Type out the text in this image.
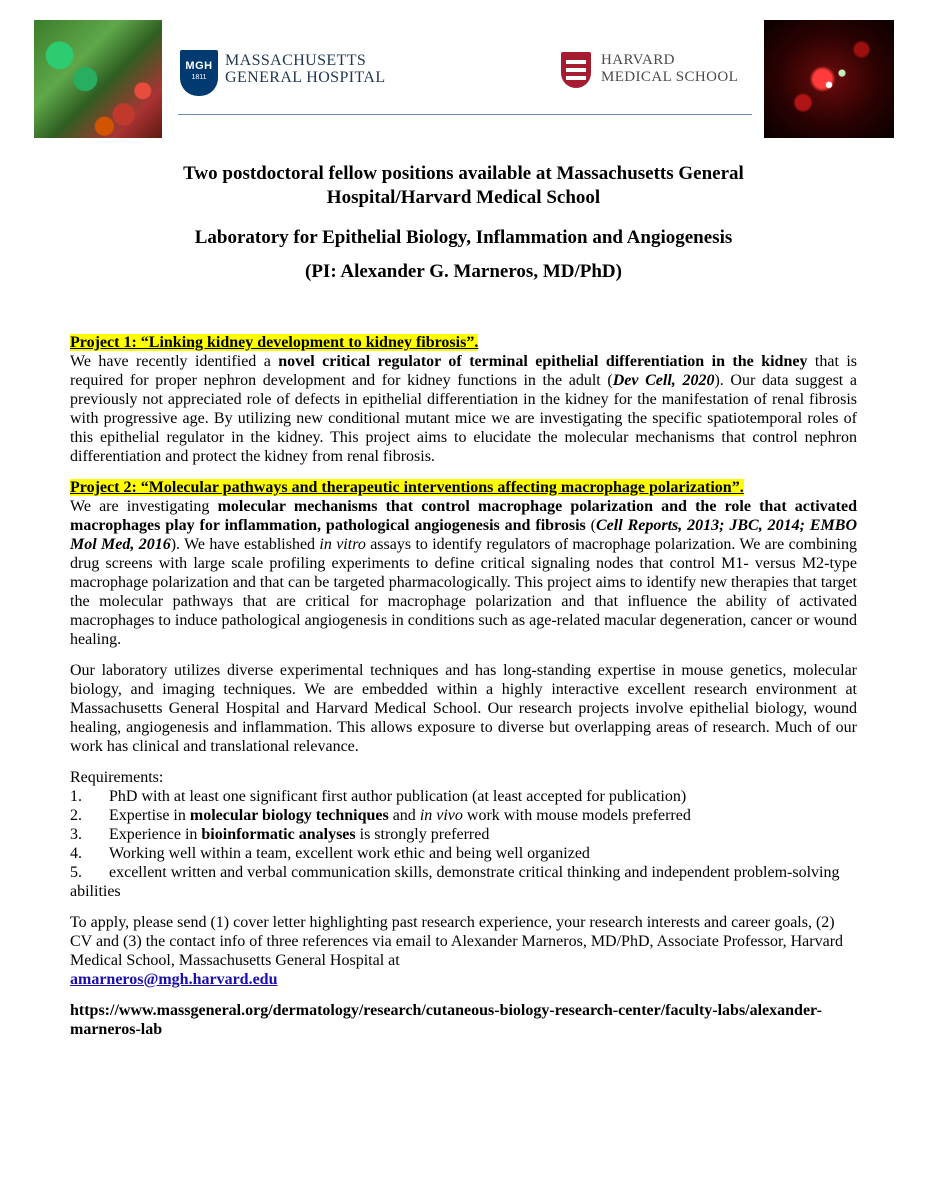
MGH
1811
MASSACHUSETTS
GENERAL HOSPITAL
HARVARD
MEDICAL SCHOOL
Two postdoctoral fellow positions available at Massachusetts General
Hospital/Harvard Medical School
Laboratory for Epithelial Biology, Inflammation and Angiogenesis
(PI: Alexander G. Marneros, MD/PhD)
Project 1: “Linking kidney development to kidney fibrosis”.

We have recently identified a novel critical regulator of terminal epithelial differentiation in the kidney that is required for proper nephron development and for kidney functions in the adult (Dev Cell, 2020). Our data suggest a previously not appreciated role of defects in epithelial differentiation in the kidney for the manifestation of renal fibrosis with progressive age. By utilizing new conditional mutant mice we are investigating the specific spatiotemporal roles of this epithelial regulator in the kidney. This project aims to elucidate the molecular mechanisms that control nephron differentiation and protect the kidney from renal fibrosis.

Project 2: “Molecular pathways and therapeutic interventions affecting macrophage polarization”.

We are investigating molecular mechanisms that control macrophage polarization and the role that activated macrophages play for inflammation, pathological angiogenesis and fibrosis (Cell Reports, 2013; JBC, 2014; EMBO Mol Med, 2016). We have established in vitro assays to identify regulators of macrophage polarization. We are combining drug screens with large scale profiling experiments to define critical signaling nodes that control M1- versus M2-type macrophage polarization and that can be targeted pharmacologically. This project aims to identify new therapies that target the molecular pathways that are critical for macrophage polarization and that influence the ability of activated macrophages to induce pathological angiogenesis in conditions such as age-related macular degeneration, cancer or wound healing.

Our laboratory utilizes diverse experimental techniques and has long-standing expertise in mouse genetics, molecular biology, and imaging techniques. We are embedded within a highly interactive excellent research environment at Massachusetts General Hospital and Harvard Medical School. Our research projects involve epithelial biology, wound healing, angiogenesis and inflammation. This allows exposure to diverse but overlapping areas of research. Much of our work has clinical and translational relevance.

Requirements:
1.	PhD with at least one significant first author publication (at least accepted for publication)
2.	Expertise in molecular biology techniques and in vivo work with mouse models preferred
3.	Experience in bioinformatic analyses is strongly preferred
4.	Working well within a team, excellent work ethic and being well organized
5. excellent written and verbal communication skills, demonstrate critical thinking and independent problem-solving abilities
To apply, please send (1) cover letter highlighting past research experience, your research interests and career goals, (2) CV and (3) the contact info of three references via email to Alexander Marneros, MD/PhD, Associate Professor, Harvard Medical School, Massachusetts General Hospital at
amarneros@mgh.harvard.edu
https://www.massgeneral.org/dermatology/research/cutaneous-biology-research-center/faculty-labs/alexander-marneros-lab
